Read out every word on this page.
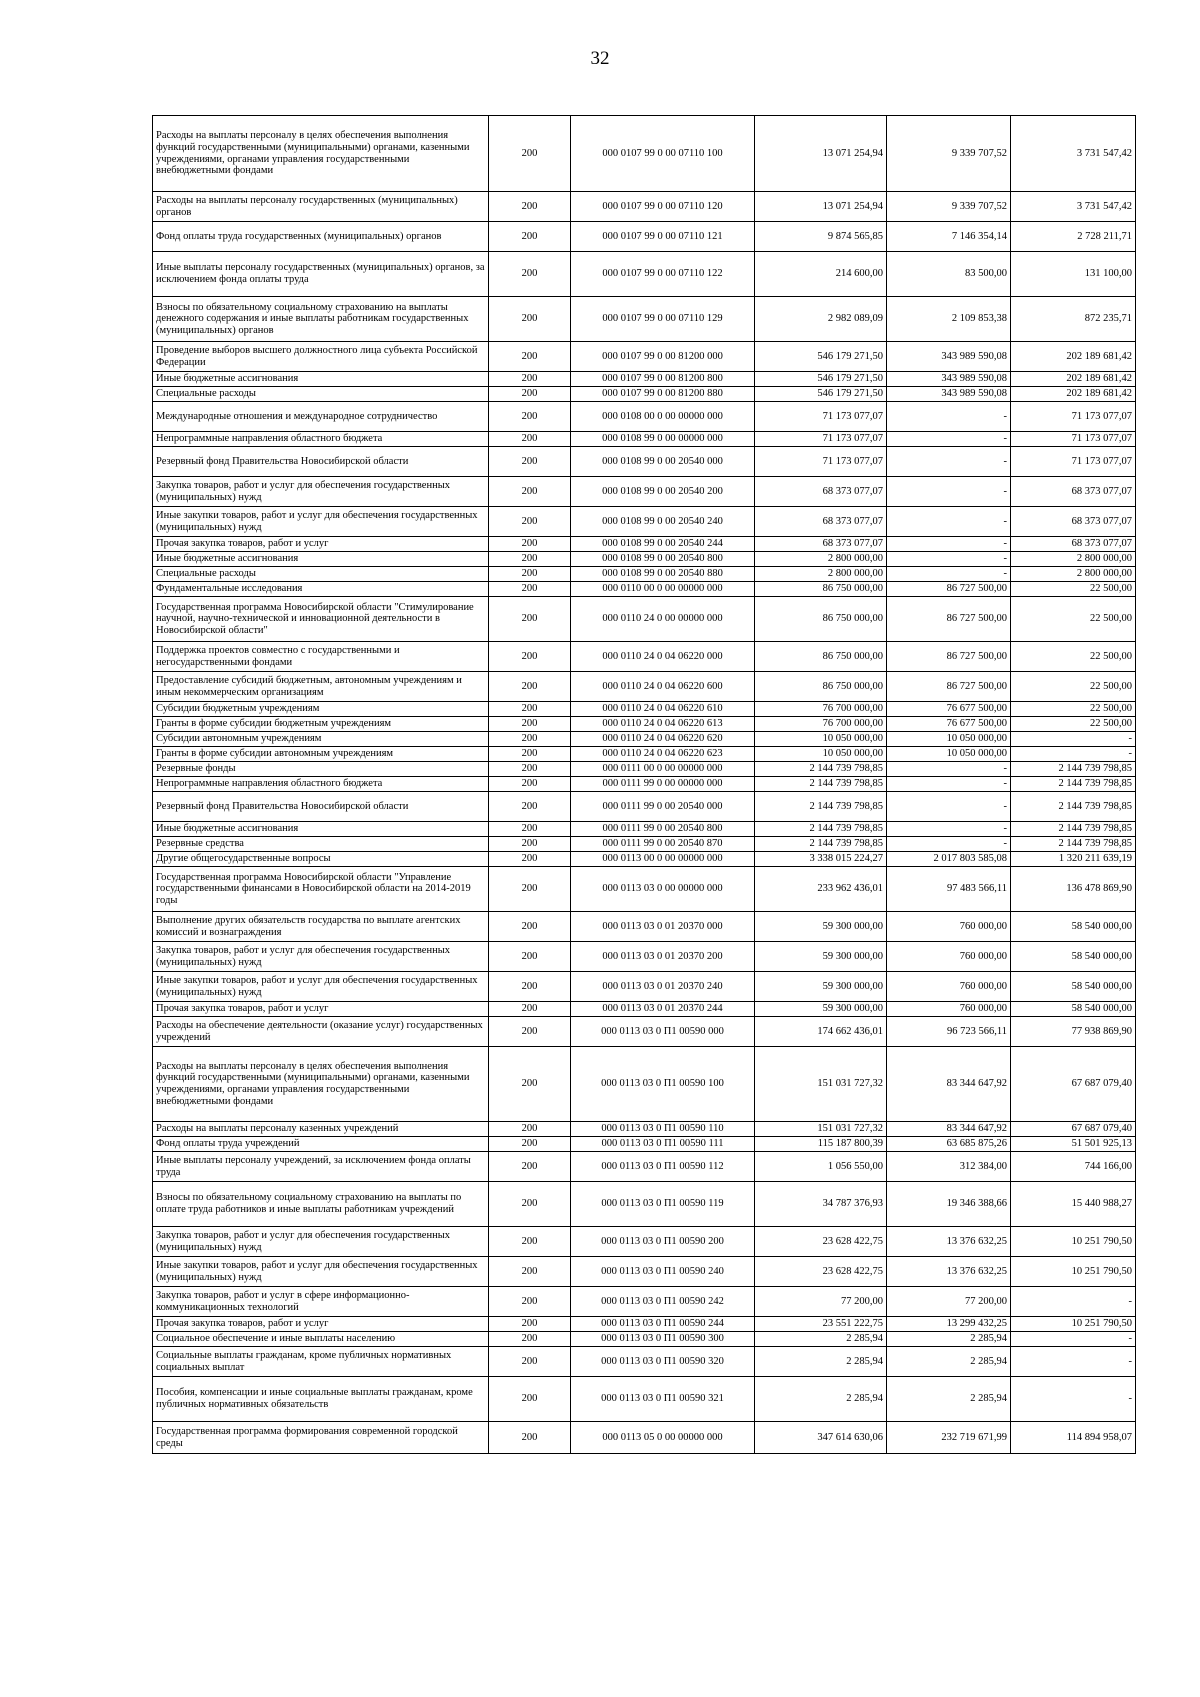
32
Расходы на выплаты персоналу в целях обеспечения выполнения функций государственными (муниципальными) органами, казенными учреждениями, органами управления государственными внебюджетными фондами	200	000 0107 99 0 00 07110 100	13 071 254,94	9 339 707,52	3 731 547,42
Расходы на выплаты персоналу государственных (муниципальных) органов	200	000 0107 99 0 00 07110 120	13 071 254,94	9 339 707,52	3 731 547,42
Фонд оплаты труда государственных (муниципальных) органов	200	000 0107 99 0 00 07110 121	9 874 565,85	7 146 354,14	2 728 211,71
Иные выплаты персоналу государственных (муниципальных) органов, за исключением фонда оплаты труда	200	000 0107 99 0 00 07110 122	214 600,00	83 500,00	131 100,00
Взносы по обязательному социальному страхованию на выплаты денежного содержания и иные выплаты работникам государственных (муниципальных) органов	200	000 0107 99 0 00 07110 129	2 982 089,09	2 109 853,38	872 235,71
Проведение выборов высшего должностного лица субъекта Российской Федерации	200	000 0107 99 0 00 81200 000	546 179 271,50	343 989 590,08	202 189 681,42
Иные бюджетные ассигнования	200	000 0107 99 0 00 81200 800	546 179 271,50	343 989 590,08	202 189 681,42
Специальные расходы	200	000 0107 99 0 00 81200 880	546 179 271,50	343 989 590,08	202 189 681,42
Международные отношения и международное сотрудничество	200	000 0108 00 0 00 00000 000	71 173 077,07	-	71 173 077,07
Непрограммные направления областного бюджета	200	000 0108 99 0 00 00000 000	71 173 077,07	-	71 173 077,07
Резервный фонд Правительства Новосибирской области	200	000 0108 99 0 00 20540 000	71 173 077,07	-	71 173 077,07
Закупка товаров, работ и услуг для обеспечения государственных (муниципальных) нужд	200	000 0108 99 0 00 20540 200	68 373 077,07	-	68 373 077,07
Иные закупки товаров, работ и услуг для обеспечения государственных (муниципальных) нужд	200	000 0108 99 0 00 20540 240	68 373 077,07	-	68 373 077,07
Прочая закупка товаров, работ и услуг	200	000 0108 99 0 00 20540 244	68 373 077,07	-	68 373 077,07
Иные бюджетные ассигнования	200	000 0108 99 0 00 20540 800	2 800 000,00	-	2 800 000,00
Специальные расходы	200	000 0108 99 0 00 20540 880	2 800 000,00	-	2 800 000,00
Фундаментальные исследования	200	000 0110 00 0 00 00000 000	86 750 000,00	86 727 500,00	22 500,00
Государственная программа Новосибирской области "Стимулирование научной, научно-технической и инновационной деятельности в Новосибирской области"	200	000 0110 24 0 00 00000 000	86 750 000,00	86 727 500,00	22 500,00
Поддержка проектов совместно с государственными и негосударственными фондами	200	000 0110 24 0 04 06220 000	86 750 000,00	86 727 500,00	22 500,00
Предоставление субсидий бюджетным, автономным учреждениям и иным некоммерческим организациям	200	000 0110 24 0 04 06220 600	86 750 000,00	86 727 500,00	22 500,00
Субсидии бюджетным учреждениям	200	000 0110 24 0 04 06220 610	76 700 000,00	76 677 500,00	22 500,00
Гранты в форме субсидии бюджетным учреждениям	200	000 0110 24 0 04 06220 613	76 700 000,00	76 677 500,00	22 500,00
Субсидии автономным учреждениям	200	000 0110 24 0 04 06220 620	10 050 000,00	10 050 000,00	-
Гранты в форме субсидии автономным учреждениям	200	000 0110 24 0 04 06220 623	10 050 000,00	10 050 000,00	-
Резервные фонды	200	000 0111 00 0 00 00000 000	2 144 739 798,85	-	2 144 739 798,85
Непрограммные направления областного бюджета	200	000 0111 99 0 00 00000 000	2 144 739 798,85	-	2 144 739 798,85
Резервный фонд Правительства Новосибирской области	200	000 0111 99 0 00 20540 000	2 144 739 798,85	-	2 144 739 798,85
Иные бюджетные ассигнования	200	000 0111 99 0 00 20540 800	2 144 739 798,85	-	2 144 739 798,85
Резервные средства	200	000 0111 99 0 00 20540 870	2 144 739 798,85	-	2 144 739 798,85
Другие общегосударственные вопросы	200	000 0113 00 0 00 00000 000	3 338 015 224,27	2 017 803 585,08	1 320 211 639,19
Государственная программа Новосибирской области "Управление государственными финансами в Новосибирской области на 2014-2019 годы	200	000 0113 03 0 00 00000 000	233 962 436,01	97 483 566,11	136 478 869,90
Выполнение других обязательств государства по выплате агентских комиссий и вознаграждения	200	000 0113 03 0 01 20370 000	59 300 000,00	760 000,00	58 540 000,00
Закупка товаров, работ и услуг для обеспечения государственных (муниципальных) нужд	200	000 0113 03 0 01 20370 200	59 300 000,00	760 000,00	58 540 000,00
Иные закупки товаров, работ и услуг для обеспечения государственных (муниципальных) нужд	200	000 0113 03 0 01 20370 240	59 300 000,00	760 000,00	58 540 000,00
Прочая закупка товаров, работ и услуг	200	000 0113 03 0 01 20370 244	59 300 000,00	760 000,00	58 540 000,00
Расходы на обеспечение деятельности (оказание услуг) государственных учреждений	200	000 0113 03 0 П1 00590 000	174 662 436,01	96 723 566,11	77 938 869,90
Расходы на выплаты персоналу в целях обеспечения выполнения функций государственными (муниципальными) органами, казенными учреждениями, органами управления государственными внебюджетными фондами	200	000 0113 03 0 П1 00590 100	151 031 727,32	83 344 647,92	67 687 079,40
Расходы на выплаты персоналу казенных учреждений	200	000 0113 03 0 П1 00590 110	151 031 727,32	83 344 647,92	67 687 079,40
Фонд оплаты труда учреждений	200	000 0113 03 0 П1 00590 111	115 187 800,39	63 685 875,26	51 501 925,13
Иные выплаты персоналу учреждений, за исключением фонда оплаты труда	200	000 0113 03 0 П1 00590 112	1 056 550,00	312 384,00	744 166,00
Взносы по обязательному социальному страхованию на выплаты по оплате труда работников и иные выплаты работникам учреждений	200	000 0113 03 0 П1 00590 119	34 787 376,93	19 346 388,66	15 440 988,27
Закупка товаров, работ и услуг для обеспечения государственных (муниципальных) нужд	200	000 0113 03 0 П1 00590 200	23 628 422,75	13 376 632,25	10 251 790,50
Иные закупки товаров, работ и услуг для обеспечения государственных (муниципальных) нужд	200	000 0113 03 0 П1 00590 240	23 628 422,75	13 376 632,25	10 251 790,50
Закупка товаров, работ и услуг в сфере информационно-коммуникационных технологий	200	000 0113 03 0 П1 00590 242	77 200,00	77 200,00	-
Прочая закупка товаров, работ и услуг	200	000 0113 03 0 П1 00590 244	23 551 222,75	13 299 432,25	10 251 790,50
Социальное обеспечение и иные выплаты населению	200	000 0113 03 0 П1 00590 300	2 285,94	2 285,94	-
Социальные выплаты гражданам, кроме публичных нормативных социальных выплат	200	000 0113 03 0 П1 00590 320	2 285,94	2 285,94	-
Пособия, компенсации и иные социальные выплаты гражданам, кроме публичных нормативных обязательств	200	000 0113 03 0 П1 00590 321	2 285,94	2 285,94	-
Государственная программа формирования современной городской среды	200	000 0113 05 0 00 00000 000	347 614 630,06	232 719 671,99	114 894 958,07
